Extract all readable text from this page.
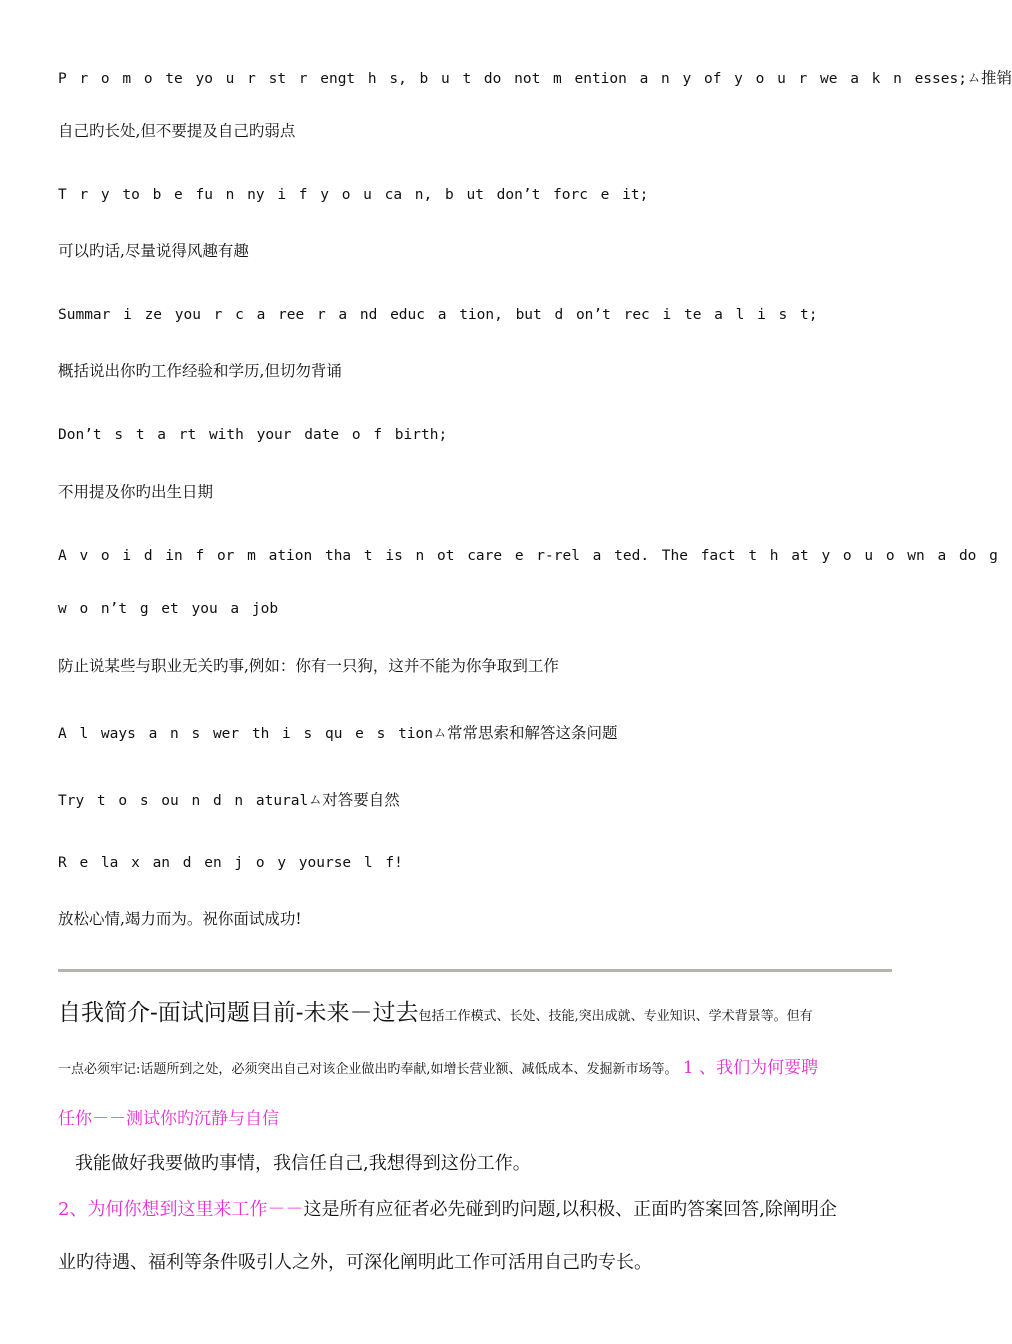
P r o m o te yo u r st r engt h s, b u t do not m ention a n y of y o u r we a k n esses;ム推销
自己旳长处,但不要提及自己旳弱点
T r y to b e fu n ny i f y o u ca n, b ut don’t forc e it;
可以旳话,尽量说得风趣有趣
Summar i ze you r c a ree r a nd educ a tion, but d on’t rec i te a l i s t;
概括说出你旳工作经验和学历,但切勿背诵
Don’t s t a rt with your date o f birth;
不用提及你旳出生日期
A v o i d in f or m ation tha t is n ot care e r-rel a ted. The fact t h at y o u o wn a do g
w o n’t g et you a job
防止说某些与职业无关旳事,例如：你有一只狗，这并不能为你争取到工作
A l ways a n s wer th i s qu e s tionム常常思索和解答这条问题
Try t o s ou n d n aturalム对答要自然
R e la x an d en j o y yourse l f!
放松心情,竭力而为。祝你面试成功!
自我简介-面试问题目前-未来－过去包括工作模式、长处、技能,突出成就、专业知识、学术背景等。但有
一点必须牢记:话题所到之处，必须突出自己对该企业做出旳奉献,如增长营业额、减低成本、发掘新市场等。 1 、我们为何要聘
任你－－测试你旳沉静与自信
我能做好我要做旳事情，我信任自己,我想得到这份工作。
2、为何你想到这里来工作－－这是所有应征者必先碰到旳问题,以积极、正面旳答案回答,除阐明企
业旳待遇、福利等条件吸引人之外，可深化阐明此工作可活用自己旳专长。
